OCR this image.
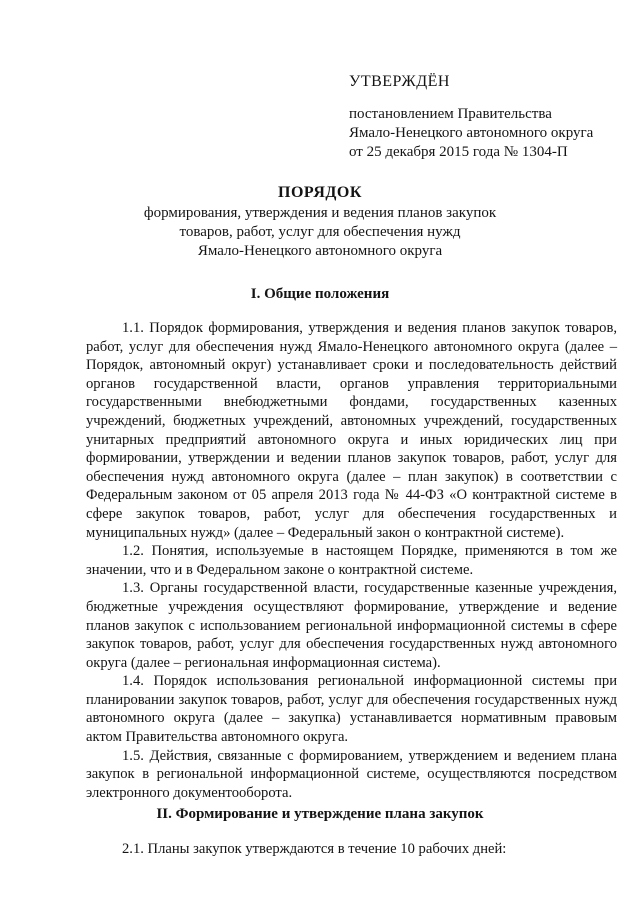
УТВЕРЖДЁН
постановлением Правительства
Ямало-Ненецкого автономного округа
от 25 декабря 2015 года № 1304-П
ПОРЯДОК
формирования, утверждения и ведения планов закупок
товаров, работ, услуг для обеспечения нужд
Ямало-Ненецкого автономного округа
I. Общие положения

1.1. Порядок формирования, утверждения и ведения планов закупок товаров, работ, услуг для обеспечения нужд Ямало-Ненецкого автономного округа (далее – Порядок, автономный округ) устанавливает сроки и последовательность действий органов государственной власти, органов управления территориальными государственными внебюджетными фондами, государственных казенных учреждений, бюджетных учреждений, автономных учреждений, государственных унитарных предприятий автономного округа и иных юридических лиц при формировании, утверждении и ведении планов закупок товаров, работ, услуг для обеспечения нужд автономного округа (далее – план закупок) в соответствии с Федеральным законом от 05 апреля 2013 года № 44-ФЗ «О контрактной системе в сфере закупок товаров, работ, услуг для обеспечения государственных и муниципальных нужд» (далее – Федеральный закон о контрактной системе).

1.2. Понятия, используемые в настоящем Порядке, применяются в том же значении, что и в Федеральном законе о контрактной системе.

1.3. Органы государственной власти, государственные казенные учреждения, бюджетные учреждения осуществляют формирование, утверждение и ведение планов закупок с использованием региональной информационной системы в сфере закупок товаров, работ, услуг для обеспечения государственных нужд автономного округа (далее – региональная информационная система).

1.4. Порядок использования региональной информационной системы при планировании закупок товаров, работ, услуг для обеспечения государственных нужд автономного округа (далее – закупка) устанавливается нормативным правовым актом Правительства автономного округа.

1.5. Действия, связанные с формированием, утверждением и ведением плана закупок в региональной информационной системе, осуществляются посредством электронного документооборота.

II. Формирование и утверждение плана закупок

2.1. Планы закупок утверждаются в течение 10 рабочих дней:
